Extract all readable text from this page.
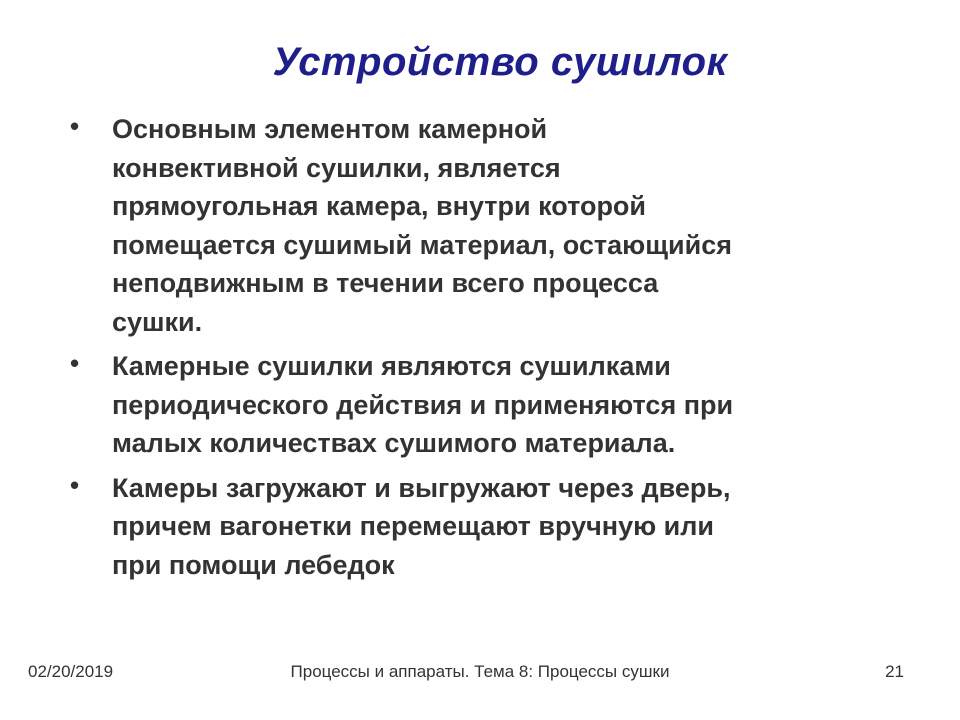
Устройство сушилок
• Основным элементом камерной
конвективной сушилки, является
прямоугольная камера, внутри которой
помещается сушимый материал, остающийся
неподвижным в течении всего процесса
сушки.
• Камерные сушилки являются сушилками
периодического действия и применяются при
малых количествах сушимого материала.
• Камеры загружают и выгружают через дверь,
причем вагонетки перемещают вручную или
при помощи лебедок
02/20/2019	Процессы и аппараты. Тема 8: Процессы сушки	21
